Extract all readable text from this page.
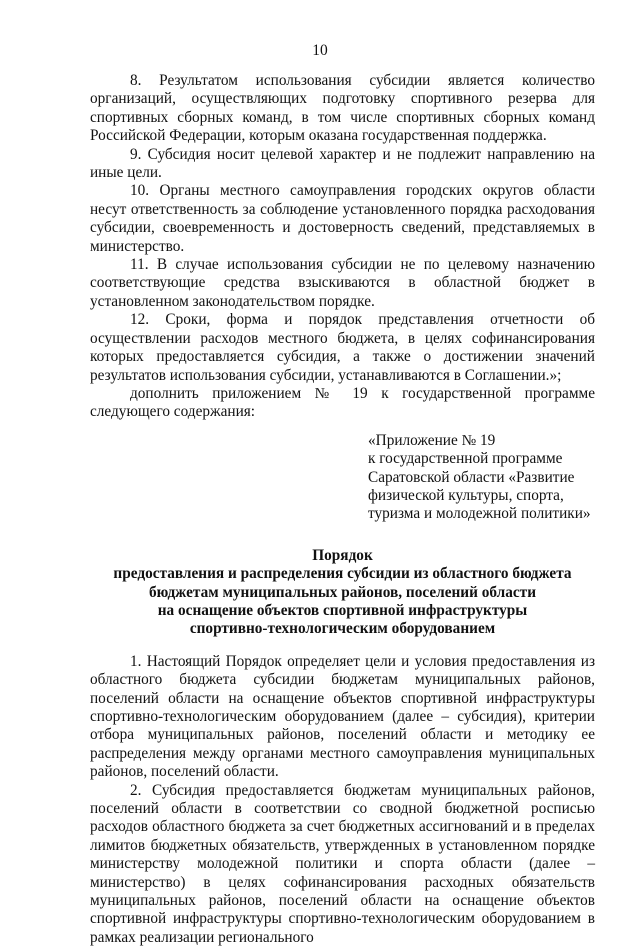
10

8. Результатом использования субсидии является количество организаций, осуществляющих подготовку спортивного резерва для спортивных сборных команд, в том числе спортивных сборных команд Российской Федерации, которым оказана государственная поддержка.

9. Субсидия носит целевой характер и не подлежит направлению на иные цели.

10. Органы местного самоуправления городских округов области несут ответственность за соблюдение установленного порядка расходования субсидии, своевременность и достоверность сведений, представляемых в министерство.

11. В случае использования субсидии не по целевому назначению соответствующие средства взыскиваются в областной бюджет в установленном законодательством порядке.

12. Сроки, форма и порядок представления отчетности об осуществлении расходов местного бюджета, в целях софинансирования которых предоставляется субсидия, а также о достижении значений результатов использования субсидии, устанавливаются в Соглашении.»;

дополнить приложением № 19 к государственной программе следующего содержания:

«Приложение № 19
к государственной программе
Саратовской области «Развитие
физической культуры, спорта,
туризма и молодежной политики»
Порядок
предоставления и распределения субсидии из областного бюджета
бюджетам муниципальных районов, поселений области
на оснащение объектов спортивной инфраструктуры
спортивно-технологическим оборудованием

1. Настоящий Порядок определяет цели и условия предоставления из областного бюджета субсидии бюджетам муниципальных районов, поселений области на оснащение объектов спортивной инфраструктуры спортивно-технологическим оборудованием (далее – субсидия), критерии отбора муниципальных районов, поселений области и методику ее распределения между органами местного самоуправления муниципальных районов, поселений области.

2. Субсидия предоставляется бюджетам муниципальных районов, поселений области в соответствии со сводной бюджетной росписью расходов областного бюджета за счет бюджетных ассигнований и в пределах лимитов бюджетных обязательств, утвержденных в установленном порядке министерству молодежной политики и спорта области (далее – министерство) в целях софинансирования расходных обязательств муниципальных районов, поселений области на оснащение объектов спортивной инфраструктуры спортивно-технологическим оборудованием в рамках реализации регионального
